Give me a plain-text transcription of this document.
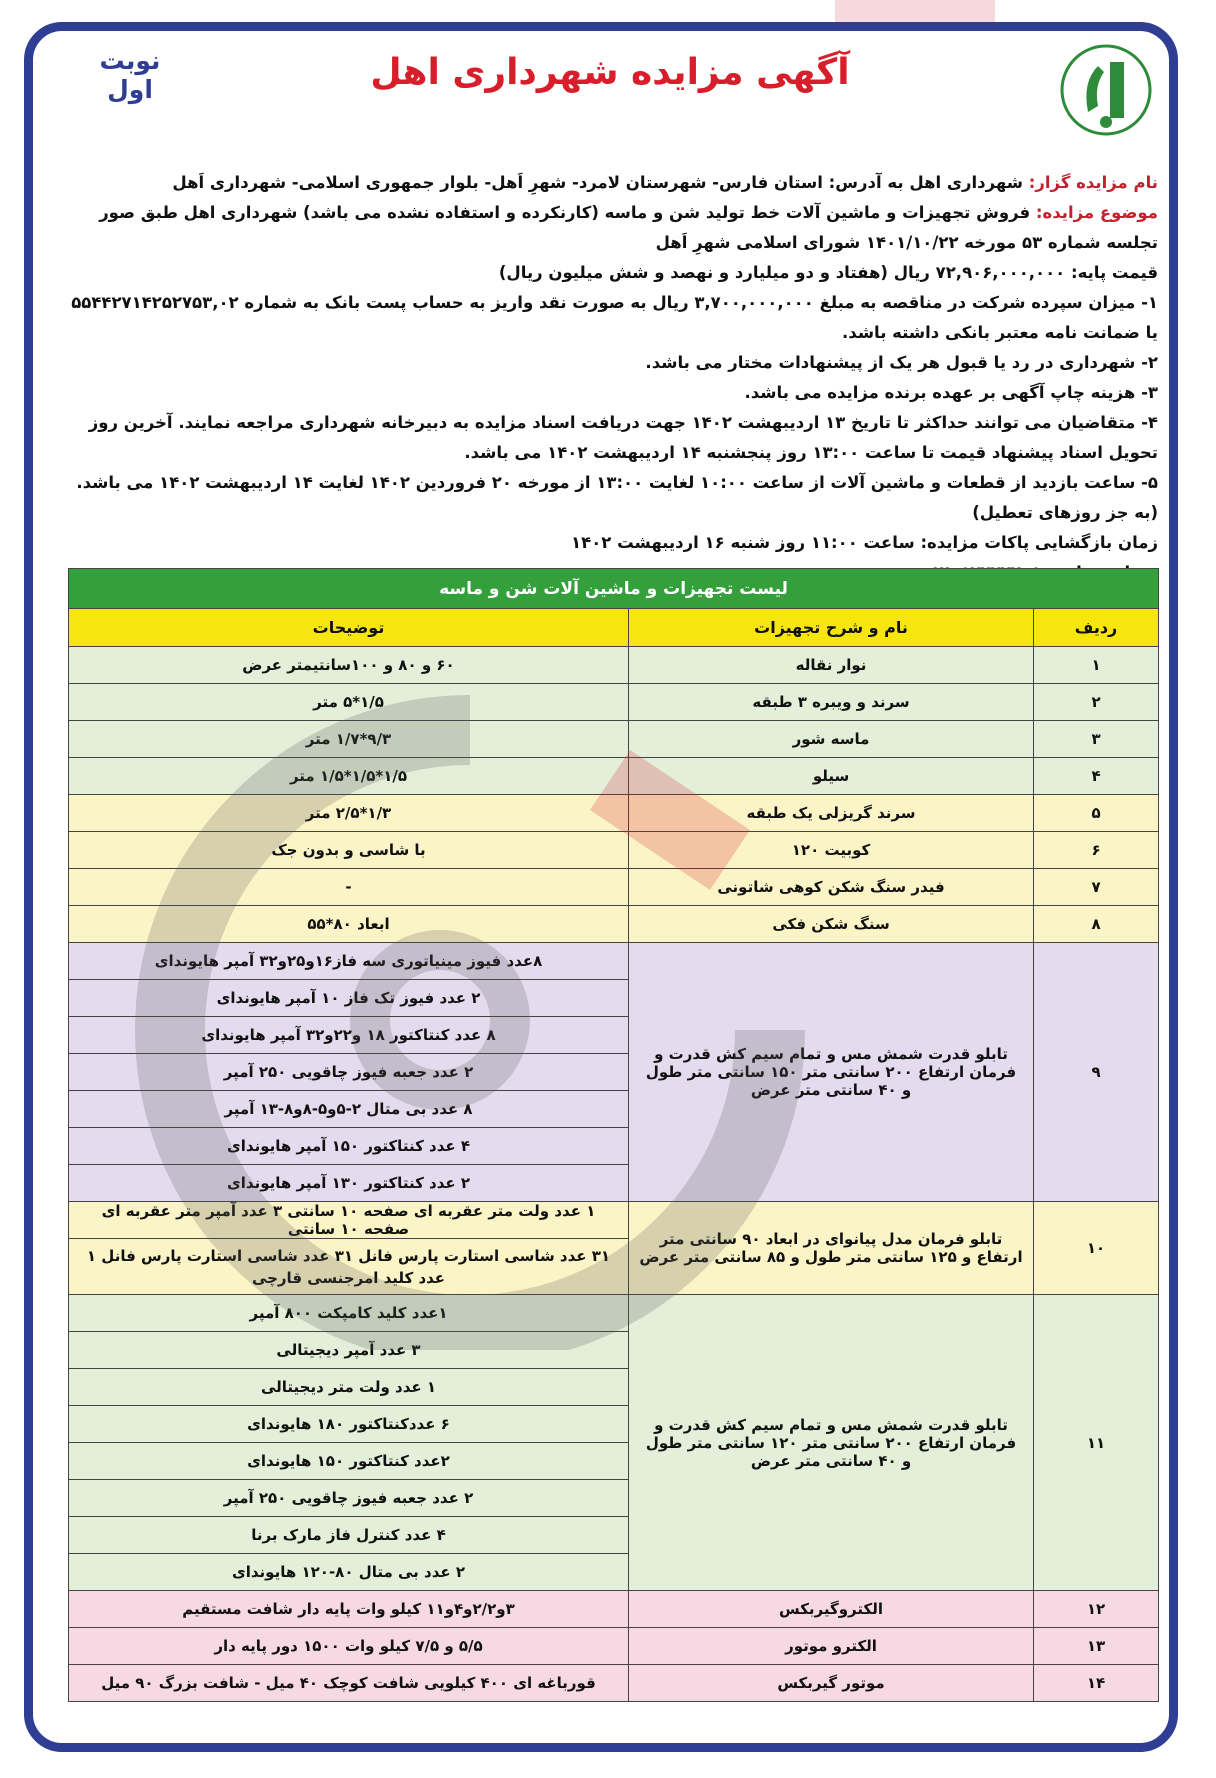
نوبت اول	آگهی مزایده شهرداری اهل
نام مزایده گزار: شهرداری اهل به آدرس: استان فارس- شهرستان لامرد- شهرِ اَهل- بلوار جمهوری اسلامی- شهرداری اَهل
موضوع مزایده: فروش تجهیزات و ماشین آلات خط تولید شن و ماسه (کارنکرده و استفاده نشده می باشد) شهرداری اهل طبق صور تجلسه شماره ۵۳ مورخه ۱۴۰۱/۱۰/۲۲ شورای اسلامی شهرِ اَهل
قیمت پایه: ۷۲,۹۰۶,۰۰۰,۰۰۰ ریال (هفتاد و دو میلیارد و نهصد و شش میلیون ریال)
۱- میزان سپرده شرکت در مناقصه به مبلغ ۳,۷۰۰,۰۰۰,۰۰۰ ریال به صورت نقد واریز به حساب پست بانک به شماره ۵۵۴۴۲۷۱۴۲۵۲۷۵۳,۰۲ یا ضمانت نامه معتبر بانکی داشته باشد.
۲- شهرداری در رد یا قبول هر یک از پیشنهادات مختار می باشد.
۳- هزینه چاپ آگهی بر عهده برنده مزایده می باشد.
۴- متقاضیان می توانند حداکثر تا تاریخ ۱۳ اردیبهشت ۱۴۰۲ جهت دریافت اسناد مزایده به دبیرخانه شهرداری مراجعه نمایند. آخرین روز تحویل اسناد پیشنهاد قیمت تا ساعت ۱۳:۰۰ روز پنجشنبه ۱۴ اردیبهشت ۱۴۰۲ می باشد.
۵- ساعت بازدید از قطعات و ماشین آلات از ساعت ۱۰:۰۰ لغایت ۱۳:۰۰ از مورخه ۲۰ فروردین ۱۴۰۲ لغایت ۱۴ اردیبهشت ۱۴۰۲ می باشد. (به جز روزهای تعطیل)
زمان بازگشایی پاکات مزایده: ساعت ۱۱:۰۰ روز شنبه ۱۶ اردیبهشت ۱۴۰۲
لیست تجهیزات و ماشین آلات شن و ماسه		
ردیف	نام و شرح تجهیزات	توضیحات
۱	نوار نقاله	۶۰ و ۸۰ و ۱۰۰سانتیمتر عرض
۲	سرند و ویبره ۳ طبقه	۱/۵*۵ متر
۳	ماسه شور	۹/۳*۱/۷ متر
۴	سیلو	۱/۵*۱/۵*۱/۵ متر
۵	سرند گریزلی یک طبقه	۱/۳*۲/۵ متر
۶	کوبیت ۱۲۰	با شاسی و بدون جک
۷	فیدر سنگ شکن کوهی شاتونی	-
۸	سنگ شکن فکی	ابعاد ۸۰*۵۵
۹	تابلو قدرت شمش مس و تمام سیم کش قدرت و فرمان ارتفاع ۲۰۰ سانتی متر ۱۵۰ سانتی متر طول و ۴۰ سانتی متر عرض	۸عدد فیوز مینیاتوری سه فاز۱۶و۲۵و۳۲ آمپر هایوندای
		۲ عدد فیوز تک فاز ۱۰ آمپر هایوندای
		۸ عدد کنتاکتور ۱۸ و۲۲و۳۲ آمپر هایوندای
		۲ عدد جعبه فیوز چاقویی ۲۵۰ آمپر
		۸ عدد بی متال ۲-۵و۵-۸و۸-۱۳ آمپر
		۴ عدد کنتاکتور ۱۵۰ آمپر هایوندای
		۲ عدد کنتاکتور ۱۳۰ آمپر هایوندای
۱۰	تابلو فرمان مدل پیانوای در ابعاد ۹۰ سانتی متر ارتفاع و ۱۲۵ سانتی متر طول و ۸۵ سانتی متر عرض	۱ عدد ولت متر عقربه ای صفحه ۱۰ سانتی ۳ عدد آمپر متر عقربه ای صفحه ۱۰ سانتی
		۳۱ عدد شاسی استارت پارس فانل ۳۱ عدد شاسی استارت پارس فانل ۱ عدد کلید امرجنسی قارچی
۱۱	تابلو قدرت شمش مس و تمام سیم کش قدرت و فرمان ارتفاع ۲۰۰ سانتی متر ۱۲۰ سانتی متر طول و ۴۰ سانتی متر عرض	۱عدد کلید کامپکت ۸۰۰ آمپر
		۳ عدد آمپر دیجیتالی
		۱ عدد ولت متر دیجیتالی
		۶ عددکنتاکتور ۱۸۰ هایوندای
		۲عدد کنتاکتور ۱۵۰ هایوندای
		۲ عدد جعبه فیوز چاقویی ۲۵۰ آمپر
		۴ عدد کنترل فاز مارک برنا
		۲ عدد بی متال ۸۰-۱۲۰ هایوندای
۱۲	الکتروگیربکس	۳و۲/۲و۴و۱۱ کیلو وات پایه دار شافت مستقیم
۱۳	الکترو موتور	۵/۵ و ۷/۵ کیلو وات ۱۵۰۰ دور پایه دار
۱۴	موتور گیربکس	قورباغه ای ۴۰۰ کیلویی شافت کوچک ۴۰ میل - شافت بزرگ ۹۰ میل
